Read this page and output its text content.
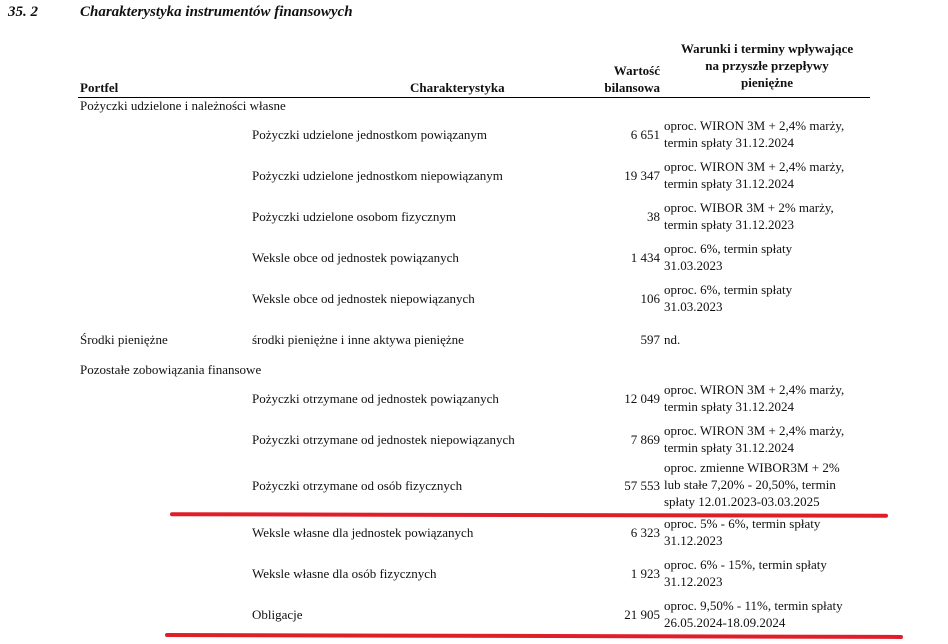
35. 2	Charakterystyka instrumentów finansowych
Portfel	Charakterystyka
Wartość
bilansowa
Warunki i terminy wpływające
na przyszłe przepływy
pieniężne
Pożyczki udzielone i należności własne
Pożyczki udzielone jednostkom powiązanym	6 651
oproc. WIRON 3M + 2,4% marży,
termin spłaty 31.12.2024
Pożyczki udzielone jednostkom niepowiązanym	19 347
oproc. WIRON 3M + 2,4% marży,
termin spłaty 31.12.2024
Pożyczki udzielone osobom fizycznym	38
oproc. WIBOR 3M + 2% marży,
termin spłaty 31.12.2023
Weksle obce od jednostek powiązanych	1 434
oproc. 6%, termin spłaty
31.03.2023
Weksle obce od jednostek niepowiązanych	106
oproc. 6%, termin spłaty
31.03.2023
Środki pieniężne	środki pieniężne i inne aktywa pieniężne	597 nd.
Pozostałe zobowiązania finansowe
Pożyczki otrzymane od jednostek powiązanych	12 049
oproc. WIRON 3M + 2,4% marży,
termin spłaty 31.12.2024
Pożyczki otrzymane od jednostek niepowiązanych	7 869
oproc. WIRON 3M + 2,4% marży,
termin spłaty 31.12.2024
Pożyczki otrzymane od osób fizycznych	57 553
oproc. zmienne WIBOR3M + 2%
lub stałe 7,20% - 20,50%, termin
spłaty 12.01.2023-03.03.2025
Weksle własne dla jednostek powiązanych	6 323
oproc. 5% - 6%, termin spłaty
31.12.2023
Weksle własne dla osób fizycznych	1 923
oproc. 6% - 15%, termin spłaty
31.12.2023
Obligacje	21 905
oproc. 9,50% - 11%, termin spłaty
26.05.2024-18.09.2024
